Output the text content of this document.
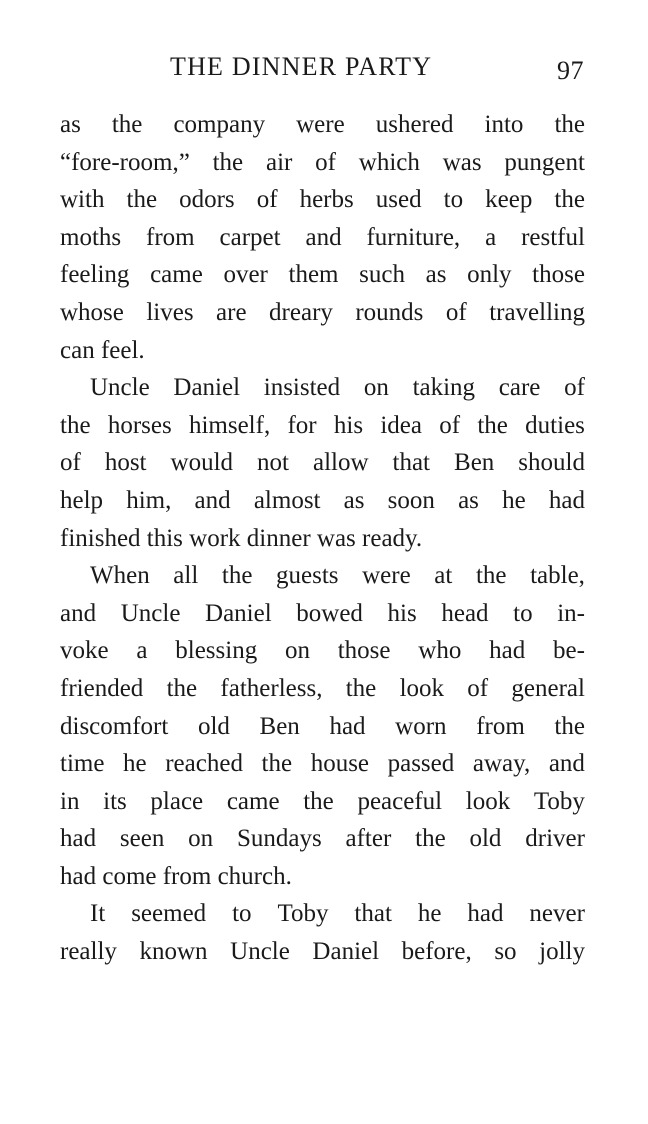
THE DINNER PARTY	97
as the company were ushered into the
“fore-room,” the air of which was pungent
with the odors of herbs used to keep the
moths from carpet and furniture, a restful
feeling came over them such as only those
whose lives are dreary rounds of travelling
can feel.
Uncle Daniel insisted on taking care of
the horses himself, for his idea of the duties
of host would not allow that Ben should
help him, and almost as soon as he had
finished this work dinner was ready.
When all the guests were at the table,
and Uncle Daniel bowed his head to in-
voke a blessing on those who had be-
friended the fatherless, the look of general
discomfort old Ben had worn from the
time he reached the house passed away, and
in its place came the peaceful look Toby
had seen on Sundays after the old driver
had come from church.
It seemed to Toby that he had never
really known Uncle Daniel before, so jolly
